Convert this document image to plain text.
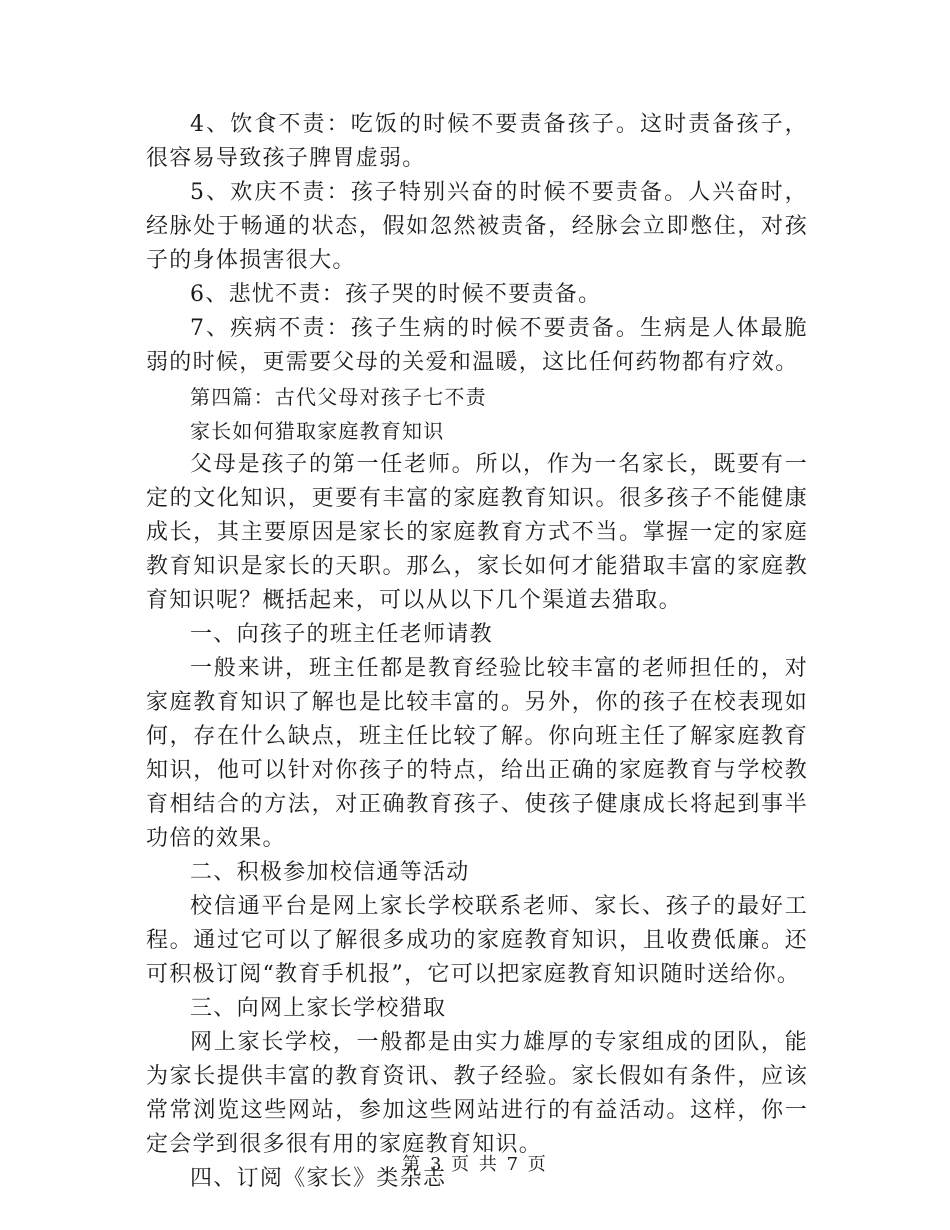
4、饮食不责：吃饭的时候不要责备孩子。这时责备孩子，很容易导致孩子脾胃虚弱。

5、欢庆不责：孩子特别兴奋的时候不要责备。人兴奋时，经脉处于畅通的状态，假如忽然被责备，经脉会立即憋住，对孩子的身体损害很大。

6、悲忧不责：孩子哭的时候不要责备。

7、疾病不责：孩子生病的时候不要责备。生病是人体最脆弱的时候，更需要父母的关爱和温暖，这比任何药物都有疗效。

第四篇：古代父母对孩子七不责

家长如何猎取家庭教育知识

父母是孩子的第一任老师。所以，作为一名家长，既要有一定的文化知识，更要有丰富的家庭教育知识。很多孩子不能健康成长，其主要原因是家长的家庭教育方式不当。掌握一定的家庭教育知识是家长的天职。那么，家长如何才能猎取丰富的家庭教育知识呢？概括起来，可以从以下几个渠道去猎取。

一、向孩子的班主任老师请教

一般来讲，班主任都是教育经验比较丰富的老师担任的，对家庭教育知识了解也是比较丰富的。另外，你的孩子在校表现如何，存在什么缺点，班主任比较了解。你向班主任了解家庭教育知识，他可以针对你孩子的特点，给出正确的家庭教育与学校教育相结合的方法，对正确教育孩子、使孩子健康成长将起到事半功倍的效果。

二、积极参加校信通等活动

校信通平台是网上家长学校联系老师、家长、孩子的最好工程。通过它可以了解很多成功的家庭教育知识，且收费低廉。还可积极订阅“教育手机报”，它可以把家庭教育知识随时送给你。

三、向网上家长学校猎取

网上家长学校，一般都是由实力雄厚的专家组成的团队，能为家长提供丰富的教育资讯、教子经验。家长假如有条件，应该常常浏览这些网站，参加这些网站进行的有益活动。这样，你一定会学到很多很有用的家庭教育知识。

四、订阅《家长》类杂志

第 3 页 共 7 页
